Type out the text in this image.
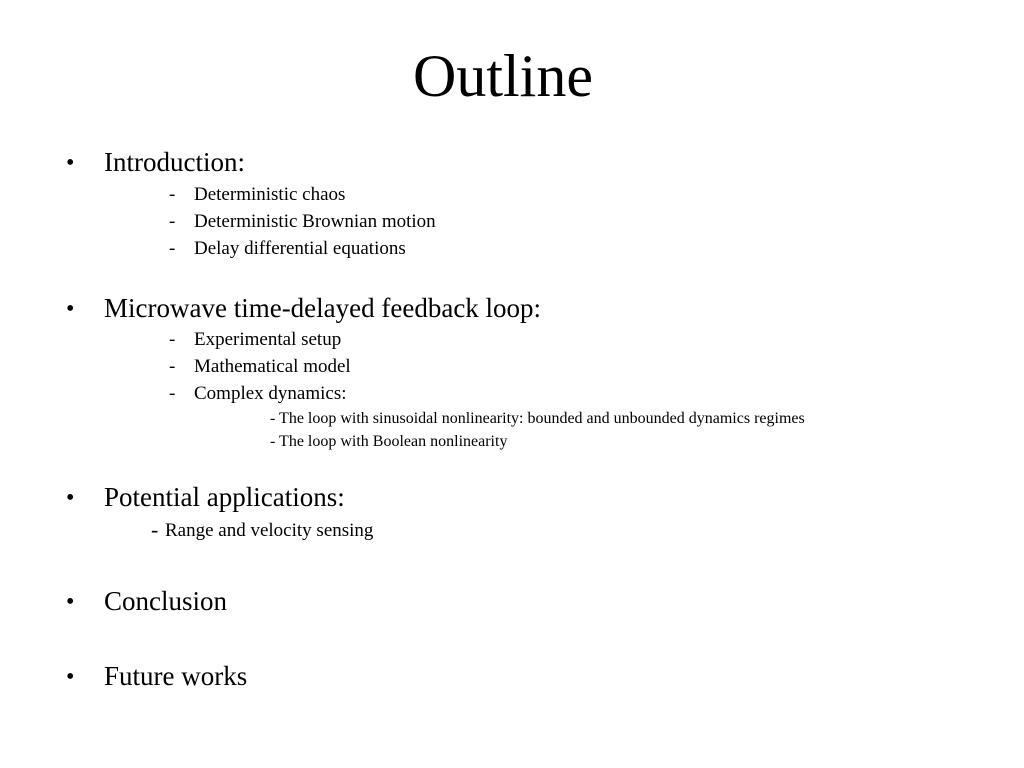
Outline
• Introduction:
- Deterministic chaos
- Deterministic Brownian motion
- Delay differential equations
• Microwave time-delayed feedback loop:
- Experimental setup
- Mathematical model
- Complex dynamics:
- The loop with sinusoidal nonlinearity: bounded and unbounded dynamics regimes
- The loop with Boolean nonlinearity
• Potential applications:
- Range and velocity sensing
• Conclusion
• Future works
